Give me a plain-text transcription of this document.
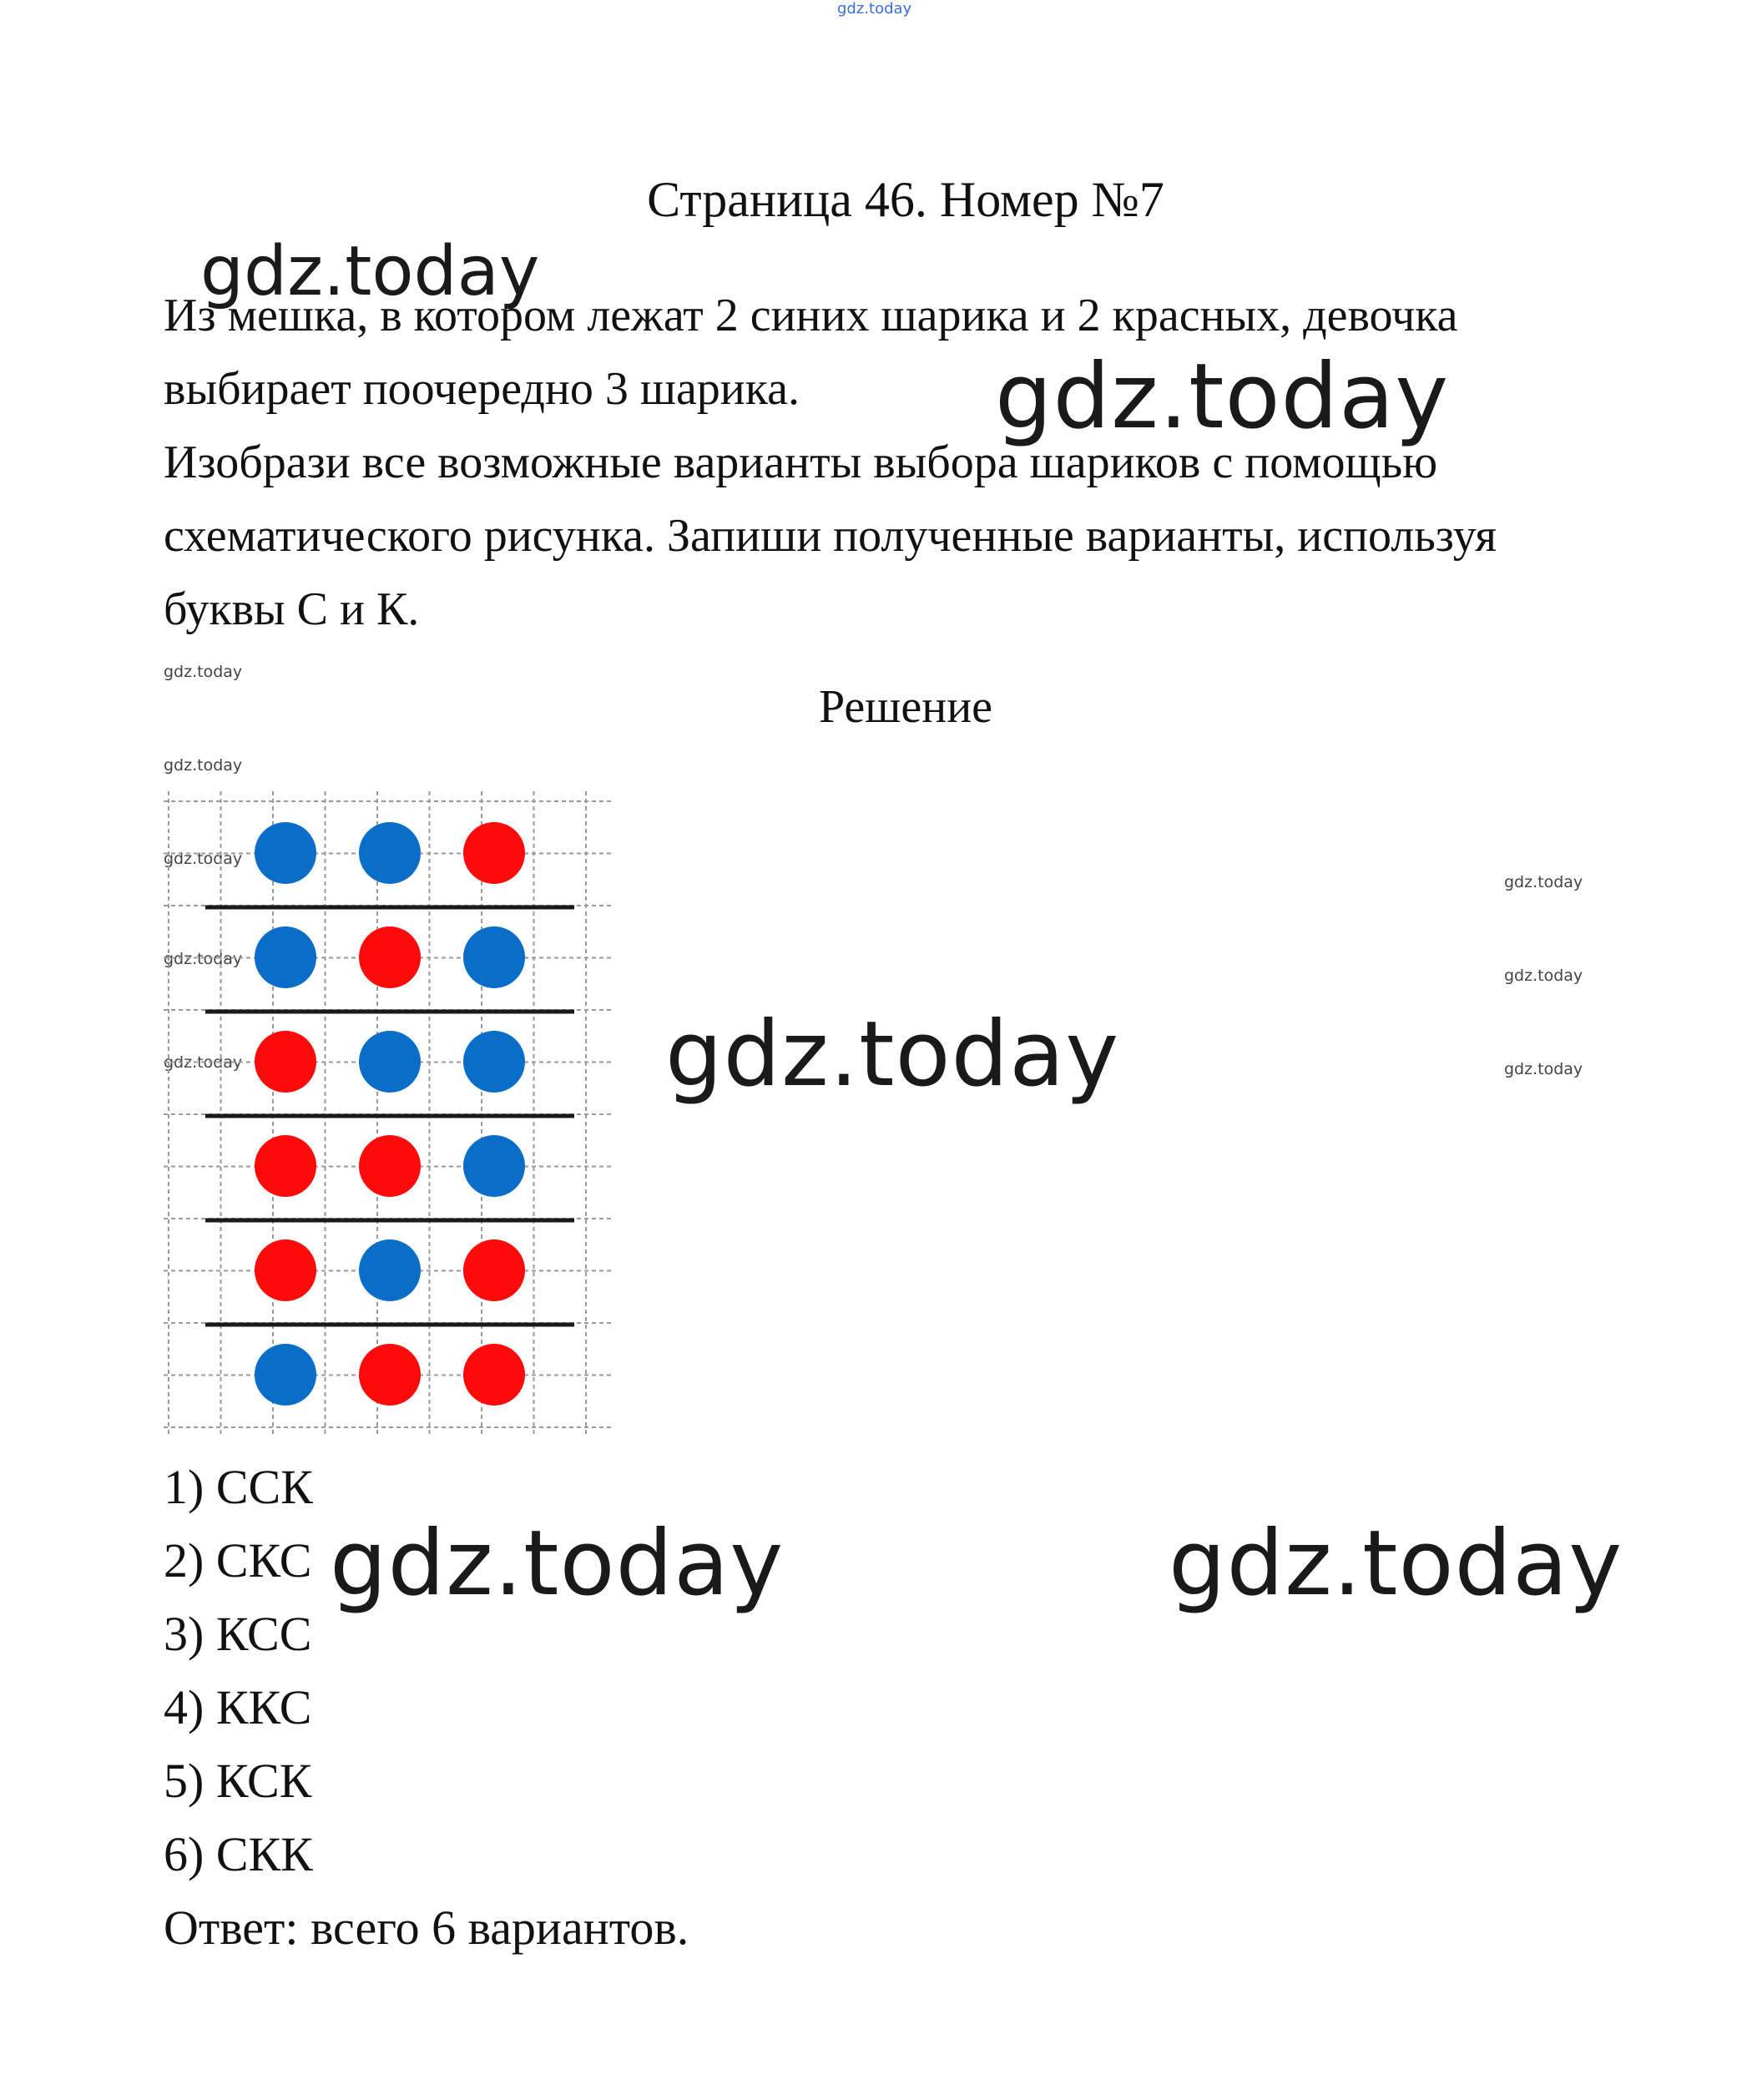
gdz.today
Страница 46. Номер №7
gdz.today
gdz.today
gdz.today
gdz.today	gdz.today
gdz.today
gdz.today
gdz.today
gdz.today
gdz.today
gdz.today
gdz.today
gdz.today

Из мешка, в котором лежат 2 синих шарика и 2 красных, девочка

выбирает поочередно 3 шарика.

Изобрази все возможные варианты выбора шариков с помощью

схематического рисунка. Запиши полученные варианты, используя

буквы С и К.

Решение
1) ССК
2) СКС
3) КСС
4) ККС
5) КСК
6) СКК
Ответ: всего 6 вариантов.
